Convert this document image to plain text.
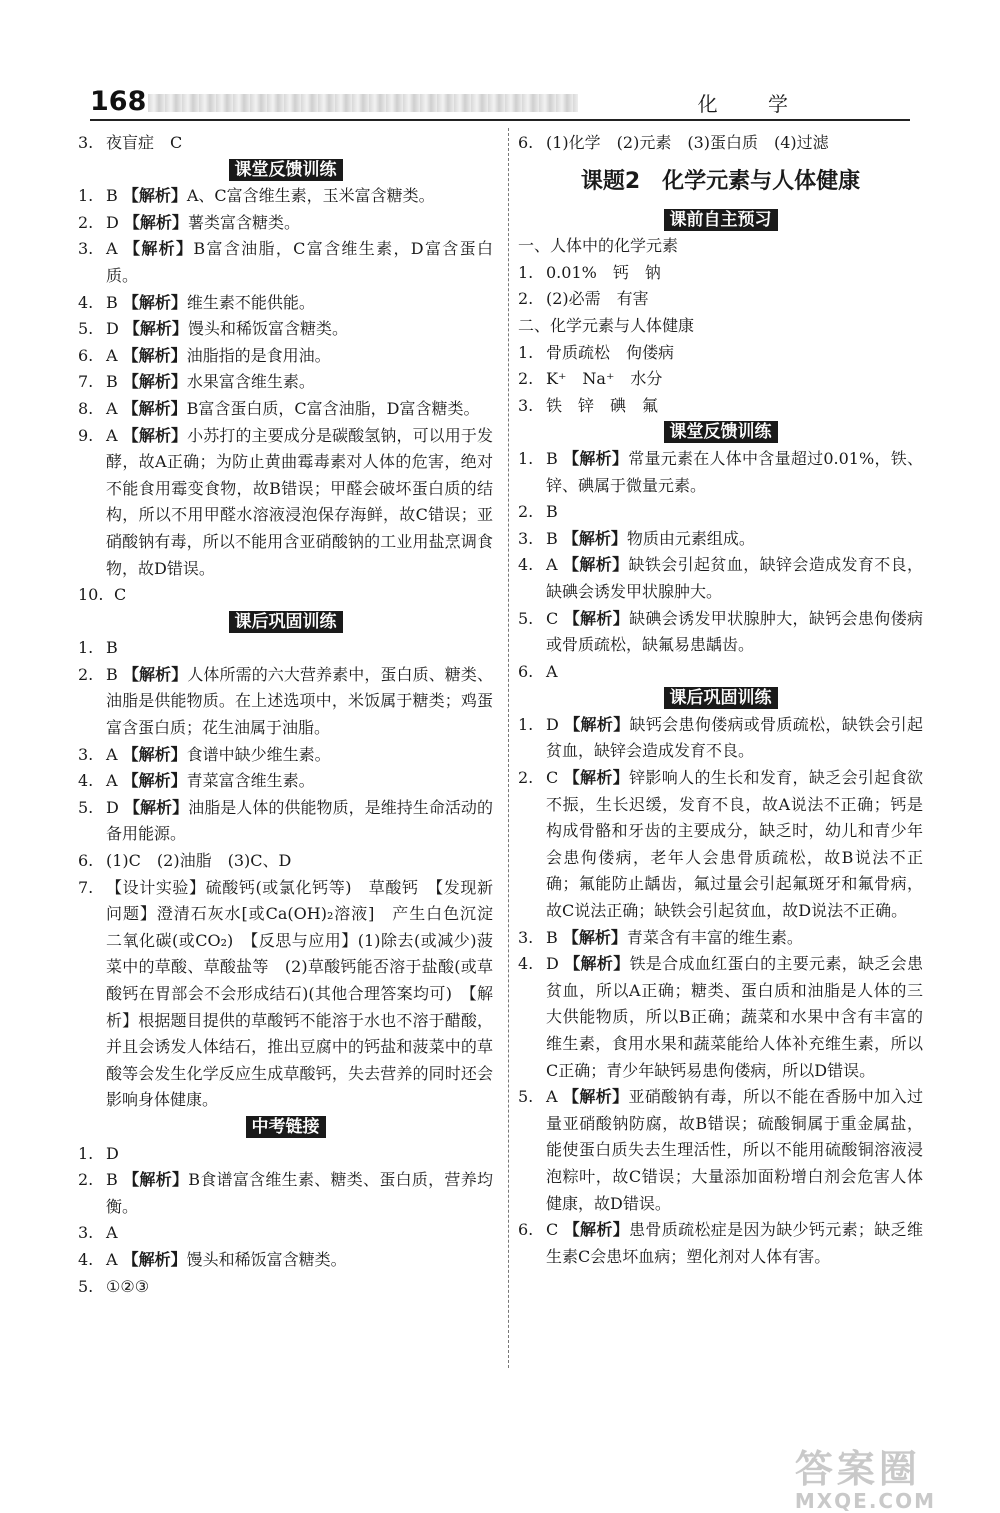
168	化 学
3. 夜盲症　C
课堂反馈训练
1. B 【解析】A、C富含维生素，玉米富含糖类。
2. D 【解析】薯类富含糖类。
3. A 【解析】B富含油脂，C富含维生素，D富含蛋白质。
4. B 【解析】维生素不能供能。
5. D 【解析】馒头和稀饭富含糖类。
6. A 【解析】油脂指的是食用油。
7. B 【解析】水果富含维生素。
8. A 【解析】B富含蛋白质，C富含油脂，D富含糖类。
9. A 【解析】小苏打的主要成分是碳酸氢钠，可以用于发酵，故A正确；为防止黄曲霉毒素对人体的危害，绝对不能食用霉变食物，故B错误；甲醛会破坏蛋白质的结构，所以不用甲醛水溶液浸泡保存海鲜，故C错误；亚硝酸钠有毒，所以不能用含亚硝酸钠的工业用盐烹调食物，故D错误。
10. C
课后巩固训练
1. B
2. B 【解析】人体所需的六大营养素中，蛋白质、糖类、油脂是供能物质。在上述选项中，米饭属于糖类；鸡蛋富含蛋白质；花生油属于油脂。
3. A 【解析】食谱中缺少维生素。
4. A 【解析】青菜富含维生素。
5. D 【解析】油脂是人体的供能物质，是维持生命活动的备用能源。
6. (1)C　(2)油脂　(3)C、D
7. 【设计实验】硫酸钙(或氯化钙等)　草酸钙　【发现新问题】澄清石灰水[或Ca(OH)₂溶液]　产生白色沉淀　二氧化碳(或CO₂)　【反思与应用】(1)除去(或减少)菠菜中的草酸、草酸盐等　(2)草酸钙能否溶于盐酸(或草酸钙在胃部会不会形成结石)(其他合理答案均可)　【解析】根据题目提供的草酸钙不能溶于水也不溶于醋酸，并且会诱发人体结石，推出豆腐中的钙盐和菠菜中的草酸等会发生化学反应生成草酸钙，失去营养的同时还会影响身体健康。
中考链接
1. D
2. B 【解析】B食谱富含维生素、糖类、蛋白质，营养均衡。
3. A
4. A 【解析】馒头和稀饭富含糖类。
5. ①②③
6. (1)化学　(2)元素　(3)蛋白质　(4)过滤
课题2　化学元素与人体健康
课前自主预习
一、人体中的化学元素
1. 0.01%　钙　钠
2. (2)必需　有害
二、化学元素与人体健康
1. 骨质疏松　佝偻病
2. K⁺　Na⁺　水分
3. 铁　锌　碘　氟
课堂反馈训练
1. B 【解析】常量元素在人体中含量超过0.01%，铁、锌、碘属于微量元素。
2. B
3. B 【解析】物质由元素组成。
4. A 【解析】缺铁会引起贫血，缺锌会造成发育不良，缺碘会诱发甲状腺肿大。
5. C 【解析】缺碘会诱发甲状腺肿大，缺钙会患佝偻病或骨质疏松，缺氟易患龋齿。
6. A
课后巩固训练
1. D 【解析】缺钙会患佝偻病或骨质疏松，缺铁会引起贫血，缺锌会造成发育不良。
2. C 【解析】锌影响人的生长和发育，缺乏会引起食欲不振，生长迟缓，发育不良，故A说法不正确；钙是构成骨骼和牙齿的主要成分，缺乏时，幼儿和青少年会患佝偻病，老年人会患骨质疏松，故B说法不正确；氟能防止龋齿，氟过量会引起氟斑牙和氟骨病，故C说法正确；缺铁会引起贫血，故D说法不正确。
3. B 【解析】青菜含有丰富的维生素。
4. D 【解析】铁是合成血红蛋白的主要元素，缺乏会患贫血，所以A正确；糖类、蛋白质和油脂是人体的三大供能物质，所以B正确；蔬菜和水果中含有丰富的维生素，食用水果和蔬菜能给人体补充维生素，所以C正确；青少年缺钙易患佝偻病，所以D错误。
5. A 【解析】亚硝酸钠有毒，所以不能在香肠中加入过量亚硝酸钠防腐，故B错误；硫酸铜属于重金属盐，能使蛋白质失去生理活性，所以不能用硫酸铜溶液浸泡粽叶，故C错误；大量添加面粉增白剂会危害人体健康，故D错误。
6. C 【解析】患骨质疏松症是因为缺少钙元素；缺乏维生素C会患坏血病；塑化剂对人体有害。
答案圈
MXQE.COM
